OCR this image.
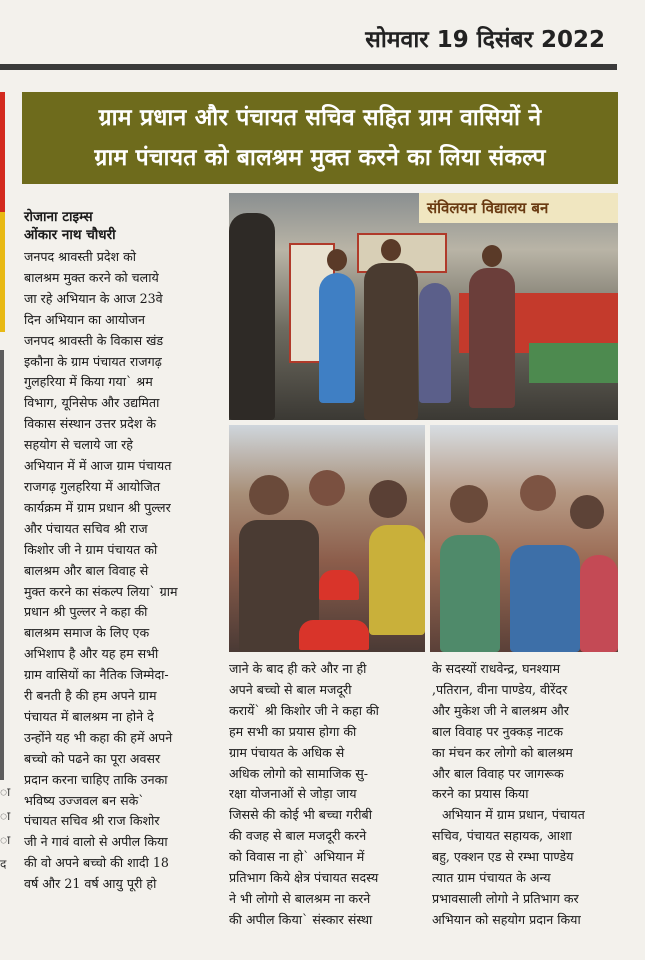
सोमवार 19 दिसंबर 2022
ग्राम प्रधान और पंचायत सचिव सहित ग्राम वासियों ने
ग्राम पंचायत को बालश्रम मुक्त करने का लिया संकल्प
रोजाना टाइम्स
ओंकार नाथ चौधरी

जनपद श्रावस्ती प्रदेश को

बालश्रम मुक्त करने को चलाये

जा रहे अभियान के आज 23वे

दिन अभियान का आयोजन

जनपद श्रावस्ती के विकास खंड

इकौना के ग्राम पंचायत राजगढ़

गुलहरिया में किया गया` श्रम

विभाग, यूनिसेफ और उद्यमिता

विकास संस्थान उत्तर प्रदेश के

सहयोग से चलाये जा रहे

अभियान में में आज ग्राम पंचायत

राजगढ़ गुलहरिया में आयोजित

कार्यक्रम में ग्राम प्रधान श्री पुल्लर

और पंचायत सचिव श्री राज

किशोर जी ने ग्राम पंचायत को

बालश्रम और बाल विवाह से

मुक्त करने का संकल्प लिया` ग्राम

प्रधान श्री पुल्लर ने कहा की

बालश्रम समाज के लिए एक

अभिशाप है और यह हम सभी

ग्राम वासियों का नैतिक जिम्मेदा-

री बनती है की हम अपने ग्राम

पंचायत में बालश्रम ना होने दे

उन्होंने यह भी कहा की हमें अपने

बच्चो को पढने का पूरा अवसर

प्रदान करना चाहिए ताकि उनका

भविष्य उज्जवल बन सके`

पंचायत सचिव श्री राज किशोर

जी ने गावं वालो से अपील किया

की वो अपने बच्चो की शादी 18

वर्ष और 21 वर्ष आयु पूरी हो

संविलयन विद्यालय बन

जाने के बाद ही करे और ना ही

अपने बच्चो से बाल मजदूरी

करायें` श्री किशोर जी ने कहा की

हम सभी का प्रयास होगा की

ग्राम पंचायत के अधिक से

अधिक लोगो को सामाजिक सु-

रक्षा योजनाओं से जोड़ा जाय

जिससे की कोई भी बच्चा गरीबी

की वजह से बाल मजदूरी करने

को विवास ना हो` अभियान में

प्रतिभाग किये क्षेत्र पंचायत सदस्य

ने भी लोगो से बालश्रम ना करने

की अपील किया` संस्कार संस्था

के सदस्यों राधवेन्द्र, घनश्याम

,पतिरान, वीना पाण्डेय, वीरेंदर

और मुकेश जी ने बालश्रम और

बाल विवाह पर नुक्कड़ नाटक

का मंचन कर लोगो को बालश्रम

और बाल विवाह पर जागरूक

करने का प्रयास किया

अभियान में ग्राम प्रधान, पंचायत

सचिव, पंचायत सहायक, आशा

बहु, एक्शन एड से रम्भा पाण्डेय

त्यात ग्राम पंचायत के अन्य

प्रभावसाली लोगो ने प्रतिभाग कर

अभियान को सहयोग प्रदान किया

ा
ा
ा
द
